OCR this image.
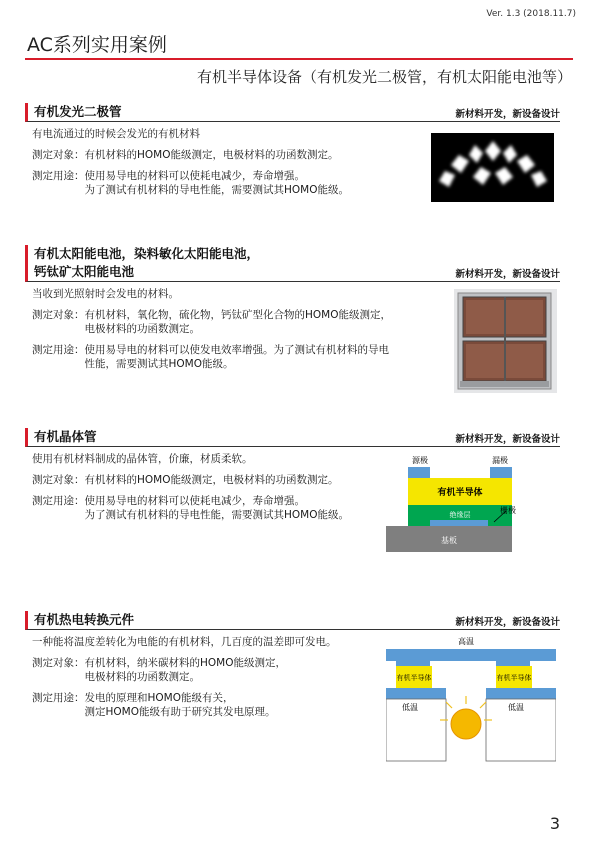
Ver. 1.3 (2018.11.7)
AC系列实用案例
有机半导体设备（有机发光二极管，有机太阳能电池等）
有机发光二极管	新材料开发，新设备设计
有电流通过的时候会发光的有机材料
测定对象： 有机材料的HOMO能级测定，电极材料的功函数测定。
测定用途： 使用易导电的材料可以使耗电减少，寿命增强。
为了测试有机材料的导电性能，需要测试其HOMO能级。
有机太阳能电池，染料敏化太阳能电池，
钙钛矿太阳能电池	新材料开发，新设备设计
当收到光照射时会发电的材料。
测定对象： 有机材料，氧化物，硫化物，钙钛矿型化合物的HOMO能级测定，
电极材料的功函数测定。
测定用途： 使用易导电的材料可以使发电效率增强。为了测试有机材料的导电
性能，需要测试其HOMO能级。
有机晶体管	新材料开发，新设备设计
使用有机材料制成的晶体管，价廉，材质柔软。
测定对象： 有机材料的HOMO能级测定，电极材料的功函数测定。
测定用途： 使用易导电的材料可以使耗电减少，寿命增强。
为了测试有机材料的导电性能，需要测试其HOMO能级。
有机热电转换元件	新材料开发，新设备设计
一种能将温度差转化为电能的有机材料，几百度的温差即可发电。
测定对象： 有机材料，纳米碳材料的HOMO能级测定，
电极材料的功函数测定。
测定用途： 发电的原理和HOMO能级有关，
测定HOMO能级有助于研究其发电原理。
源极	漏极
有机半导体
绝缘层	栅极
基板
高温
有机半导体	有机半导体
低温	低温
3
